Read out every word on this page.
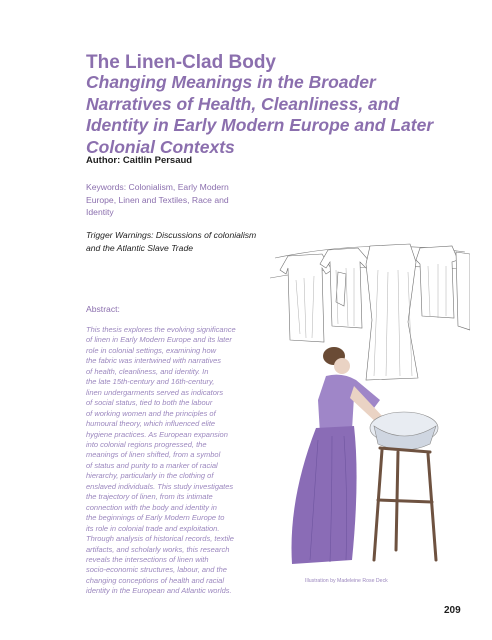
The Linen-Clad Body
Changing Meanings in the Broader Narratives of Health, Cleanliness, and Identity in Early Modern Europe and Later Colonial Contexts
Author: Caitlin Persaud
Keywords: Colonialism, Early Modern Europe, Linen and Textiles, Race and Identity
Trigger Warnings: Discussions of colonialism and the Atlantic Slave Trade
Abstract:
This thesis explores the evolving significance
of linen in Early Modern Europe and its later
role in colonial settings, examining how
the fabric was intertwined with narratives
of health, cleanliness, and identity. In
the late 15th-century and 16th-century,
linen undergarments served as indicators
of social status, tied to both the labour
of working women and the principles of
humoural theory, which influenced elite
hygiene practices. As European expansion
into colonial regions progressed, the
meanings of linen shifted, from a symbol
of status and purity to a marker of racial
hierarchy, particularly in the clothing of
enslaved individuals. This study investigates
the trajectory of linen, from its intimate
connection with the body and identity in
the beginnings of Early Modern Europe to
its role in colonial trade and exploitation.
Through analysis of historical records, textile
artifacts, and scholarly works, this research
reveals the intersections of linen with
socio-economic structures, labour, and the
changing conceptions of health and racial
identity in the European and Atlantic worlds.
Illustration by Madeleine Rose Deck
209
